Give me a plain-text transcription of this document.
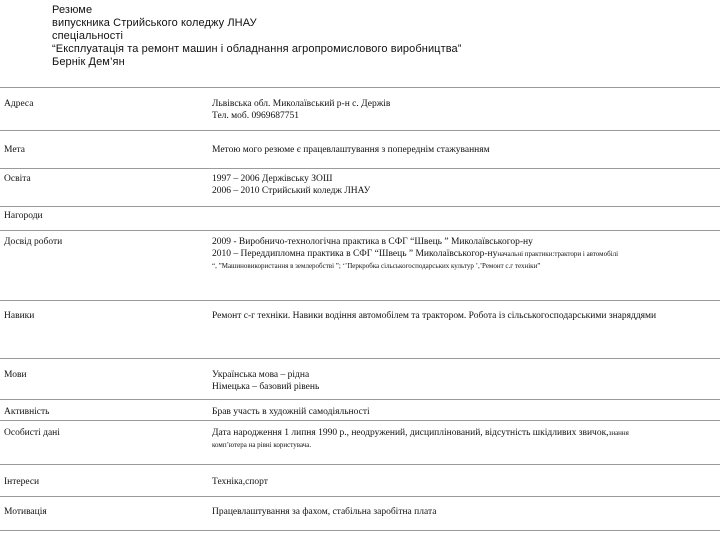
Резюме
випускника Стрийського коледжу ЛНАУ
спеціальності
“Експлуатація та ремонт машин і обладнання агропромислового виробництва”
Бернік Дем’ян
Адреса	Львівська обл. Миколаївський р-н с. Держів
Тел. моб. 0969687751
Мета	Метою мого резюме є працевлаштування з попереднім стажуванням
Освіта	1997 – 2006 Держівську ЗОШ
2006 – 2010 Стрийський коледж ЛНАУ
Нагороди
Досвід роботи	2009 - Виробничо-технологічна практика в СФГ “Швець ” Миколаївськогор-ну
2010 – Переддипломна практика в СФГ “Швець ” Миколаївськогор-нуначальні практики:трактори і автомобілі
“, ”Машиновикористання в землеробстві ”; ‘’Перкробка сільськогосподарських культур ’,’Ремонт с.г техніки”
Навики	Ремонт с-г техніки. Навики водіння автомобілем та трактором. Робота із сільськогосподарськими знаряддями
Мови	Українська мова – рідна
Німецька – базовий рівень
Активність	Брав участь в художній самодіяльності
Особисті дані	Дата народження 1 липня 1990 р., неодружений, дисциплінований, відсутність шкідливих звичок,знання
комп’ютера на рівні користувача.
Інтереси	Техніка,спорт
Мотивація	Працевлаштування за фахом, стабільна заробітна плата
